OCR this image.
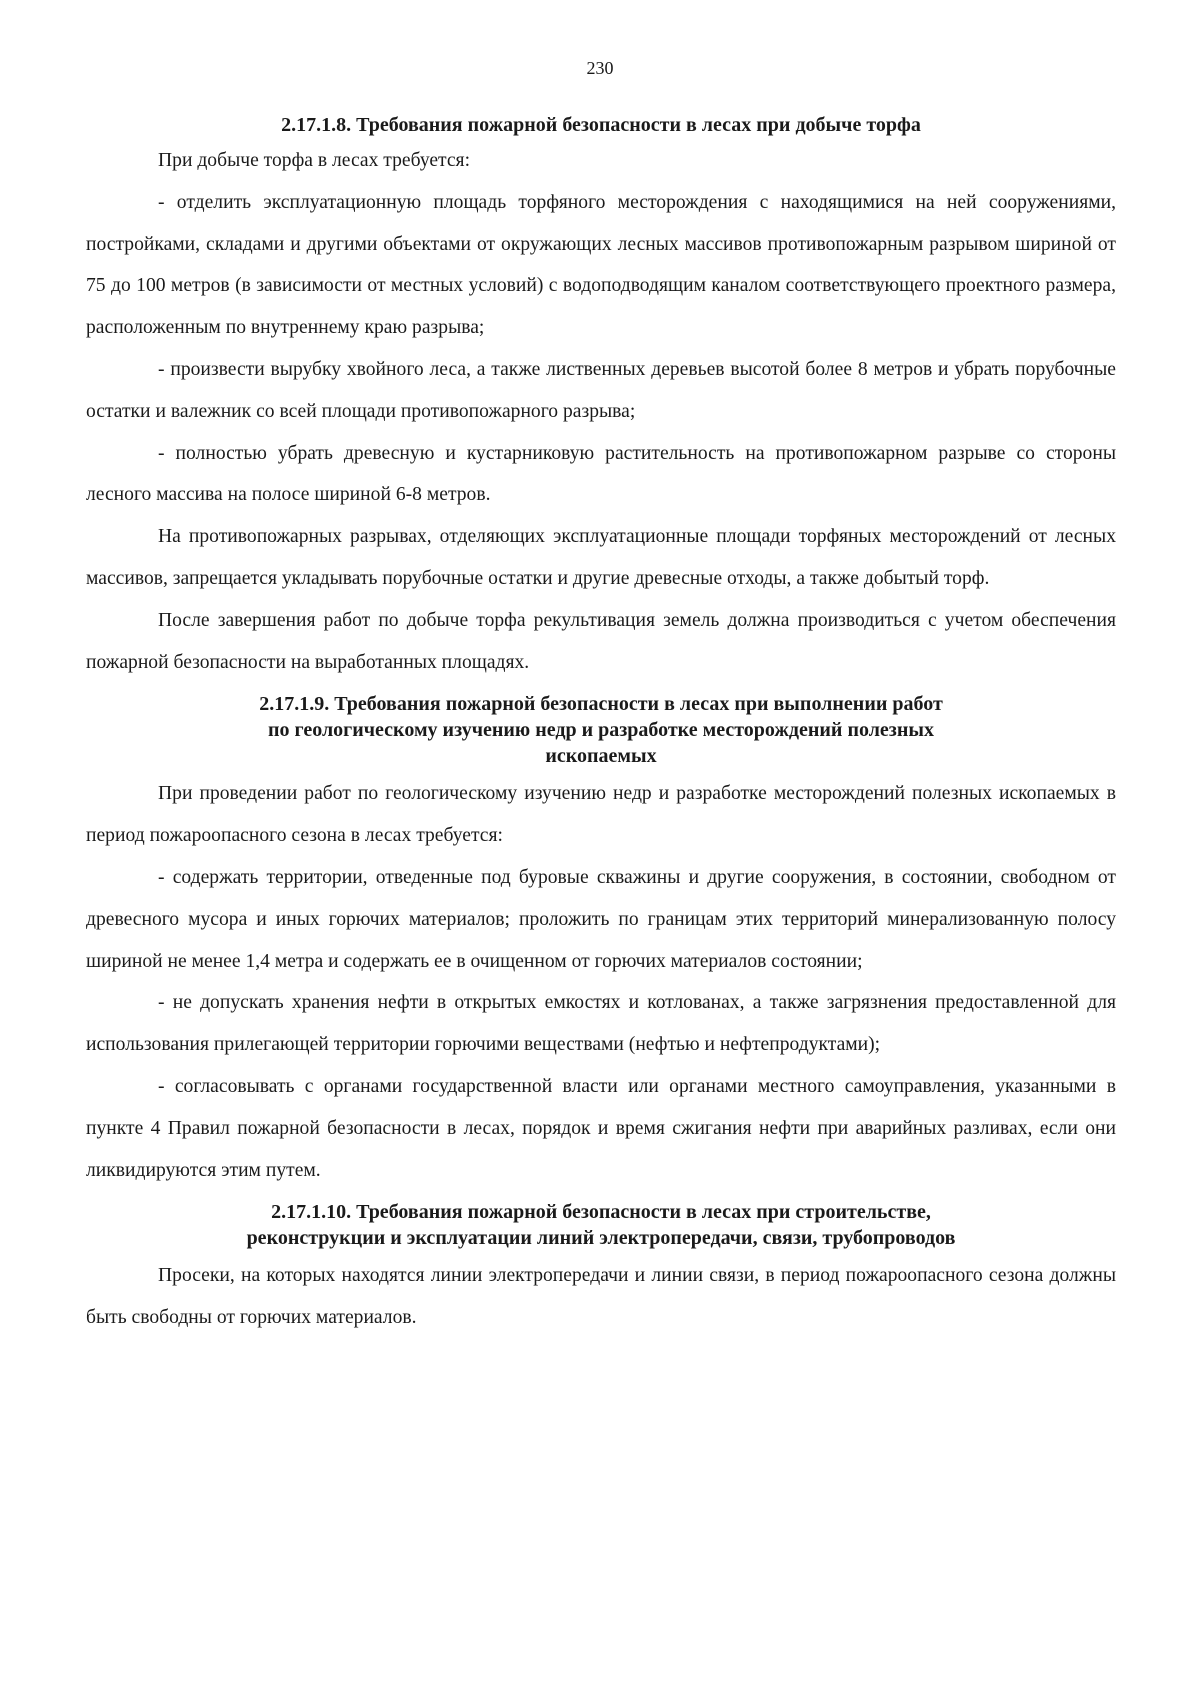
230
2.17.1.8. Требования пожарной безопасности в лесах при добыче торфа

При добыче торфа в лесах требуется:

- отделить эксплуатационную площадь торфяного месторождения с находящимися на ней сооружениями, постройками, складами и другими объектами от окружающих лесных массивов противопожарным разрывом шириной от 75 до 100 метров (в зависимости от местных условий) с водоподводящим каналом соответствующего проектного размера, расположенным по внутреннему краю разрыва;

- произвести вырубку хвойного леса, а также лиственных деревьев высотой более 8 метров и убрать порубочные остатки и валежник со всей площади противопожарного разрыва;

- полностью убрать древесную и кустарниковую растительность на противопожарном разрыве со стороны лесного массива на полосе шириной 6-8 метров.

На противопожарных разрывах, отделяющих эксплуатационные площади торфяных месторождений от лесных массивов, запрещается укладывать порубочные остатки и другие древесные отходы, а также добытый торф.

После завершения работ по добыче торфа рекультивация земель должна производиться с учетом обеспечения пожарной безопасности на выработанных площадях.

2.17.1.9. Требования пожарной безопасности в лесах при выполнении работ
по геологическому изучению недр и разработке месторождений полезных
ископаемых

При проведении работ по геологическому изучению недр и разработке месторождений полезных ископаемых в период пожароопасного сезона в лесах требуется:

- содержать территории, отведенные под буровые скважины и другие сооружения, в состоянии, свободном от древесного мусора и иных горючих материалов; проложить по границам этих территорий минерализованную полосу шириной не менее 1,4 метра и содержать ее в очищенном от горючих материалов состоянии;

- не допускать хранения нефти в открытых емкостях и котлованах, а также загрязнения предоставленной для использования прилегающей территории горючими веществами (нефтью и нефтепродуктами);

- согласовывать с органами государственной власти или органами местного самоуправления, указанными в пункте 4 Правил пожарной безопасности в лесах, порядок и время сжигания нефти при аварийных разливах, если они ликвидируются этим путем.

2.17.1.10. Требования пожарной безопасности в лесах при строительстве,
реконструкции и эксплуатации линий электропередачи, связи, трубопроводов

Просеки, на которых находятся линии электропередачи и линии связи, в период пожароопасного сезона должны быть свободны от горючих материалов.
